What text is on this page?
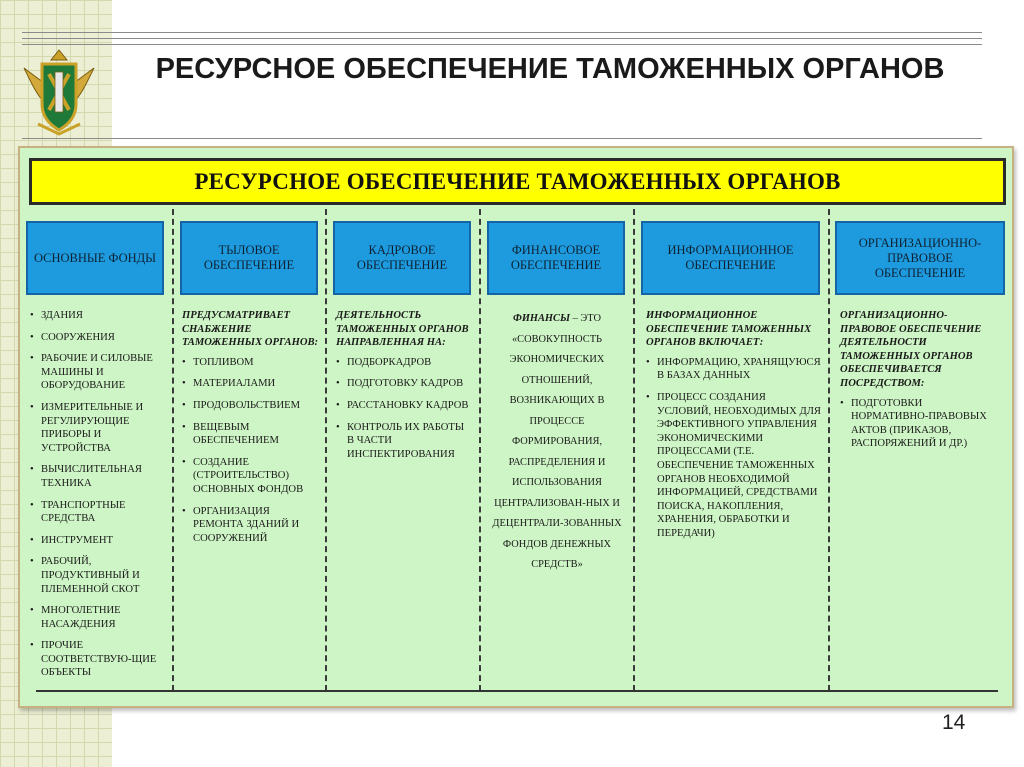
РЕСУРСНОЕ ОБЕСПЕЧЕНИЕ ТАМОЖЕННЫХ ОРГАНОВ
РЕСУРСНОЕ ОБЕСПЕЧЕНИЕ ТАМОЖЕННЫХ ОРГАНОВ
ОСНОВНЫЕ ФОНДЫ
ТЫЛОВОЕ ОБЕСПЕЧЕНИЕ
КАДРОВОЕ ОБЕСПЕЧЕНИЕ
ФИНАНСОВОЕ ОБЕСПЕЧЕНИЕ
ИНФОРМАЦИОННОЕ ОБЕСПЕЧЕНИЕ
ОРГАНИЗАЦИОННО-ПРАВОВОЕ ОБЕСПЕЧЕНИЕ
• ЗДАНИЯ
• СООРУЖЕНИЯ
• РАБОЧИЕ И СИЛОВЫЕ МАШИНЫ И ОБОРУДОВАНИЕ
• ИЗМЕРИТЕЛЬНЫЕ И РЕГУЛИРУЮЩИЕ ПРИБОРЫ И УСТРОЙСТВА
• ВЫЧИСЛИТЕЛЬНАЯ ТЕХНИКА
• ТРАНСПОРТНЫЕ СРЕДСТВА
• ИНСТРУМЕНТ
• РАБОЧИЙ, ПРОДУКТИВНЫЙ И ПЛЕМЕННОЙ СКОТ
• МНОГОЛЕТНИЕ НАСАЖДЕНИЯ
• ПРОЧИЕ СООТВЕТСТВУЮ-ЩИЕ ОБЪЕКТЫ
ПРЕДУСМАТРИВАЕТ СНАБЖЕНИЕ ТАМОЖЕННЫХ ОРГАНОВ:
• ТОПЛИВОМ
• МАТЕРИАЛАМИ
• ПРОДОВОЛЬСТВИЕМ
• ВЕЩЕВЫМ ОБЕСПЕЧЕНИЕМ
• СОЗДАНИЕ (СТРОИТЕЛЬСТВО) ОСНОВНЫХ ФОНДОВ
• ОРГАНИЗАЦИЯ РЕМОНТА ЗДАНИЙ И СООРУЖЕНИЙ
ДЕЯТЕЛЬНОСТЬ ТАМОЖЕННЫХ ОРГАНОВ НАПРАВЛЕННАЯ НА:
• ПОДБОРКАДРОВ
• ПОДГОТОВКУ КАДРОВ
• РАССТАНОВКУ КАДРОВ
• КОНТРОЛЬ ИХ РАБОТЫ В ЧАСТИ ИНСПЕКТИРОВАНИЯ
ФИНАНСЫ – ЭТО «СОВОКУПНОСТЬ ЭКОНОМИЧЕСКИХ ОТНОШЕНИЙ, ВОЗНИКАЮЩИХ В ПРОЦЕССЕ ФОРМИРОВАНИЯ, РАСПРЕДЕЛЕНИЯ И ИСПОЛЬЗОВАНИЯ ЦЕНТРАЛИЗОВАН-НЫХ И ДЕЦЕНТРАЛИ-ЗОВАННЫХ ФОНДОВ ДЕНЕЖНЫХ СРЕДСТВ»
ИНФОРМАЦИОННОЕ ОБЕСПЕЧЕНИЕ ТАМОЖЕННЫХ ОРГАНОВ ВКЛЮЧАЕТ:
• ИНФОРМАЦИЮ, ХРАНЯЩУЮСЯ В БАЗАХ ДАННЫХ
• ПРОЦЕСС СОЗДАНИЯ УСЛОВИЙ, НЕОБХОДИМЫХ ДЛЯ ЭФФЕКТИВНОГО УПРАВЛЕНИЯ ЭКОНОМИЧЕСКИМИ ПРОЦЕССАМИ (Т.Е. ОБЕСПЕЧЕНИЕ ТАМОЖЕННЫХ ОРГАНОВ НЕОБХОДИМОЙ ИНФОРМАЦИЕЙ, СРЕДСТВАМИ ПОИСКА, НАКОПЛЕНИЯ, ХРАНЕНИЯ, ОБРАБОТКИ И ПЕРЕДАЧИ)
ОРГАНИЗАЦИОННО-ПРАВОВОЕ ОБЕСПЕЧЕНИЕ ДЕЯТЕЛЬНОСТИ ТАМОЖЕННЫХ ОРГАНОВ ОБЕСПЕЧИВАЕТСЯ ПОСРЕДСТВОМ:
• ПОДГОТОВКИ НОРМАТИВНО-ПРАВОВЫХ АКТОВ (ПРИКАЗОВ, РАСПОРЯЖЕНИЙ И ДР.)
14
